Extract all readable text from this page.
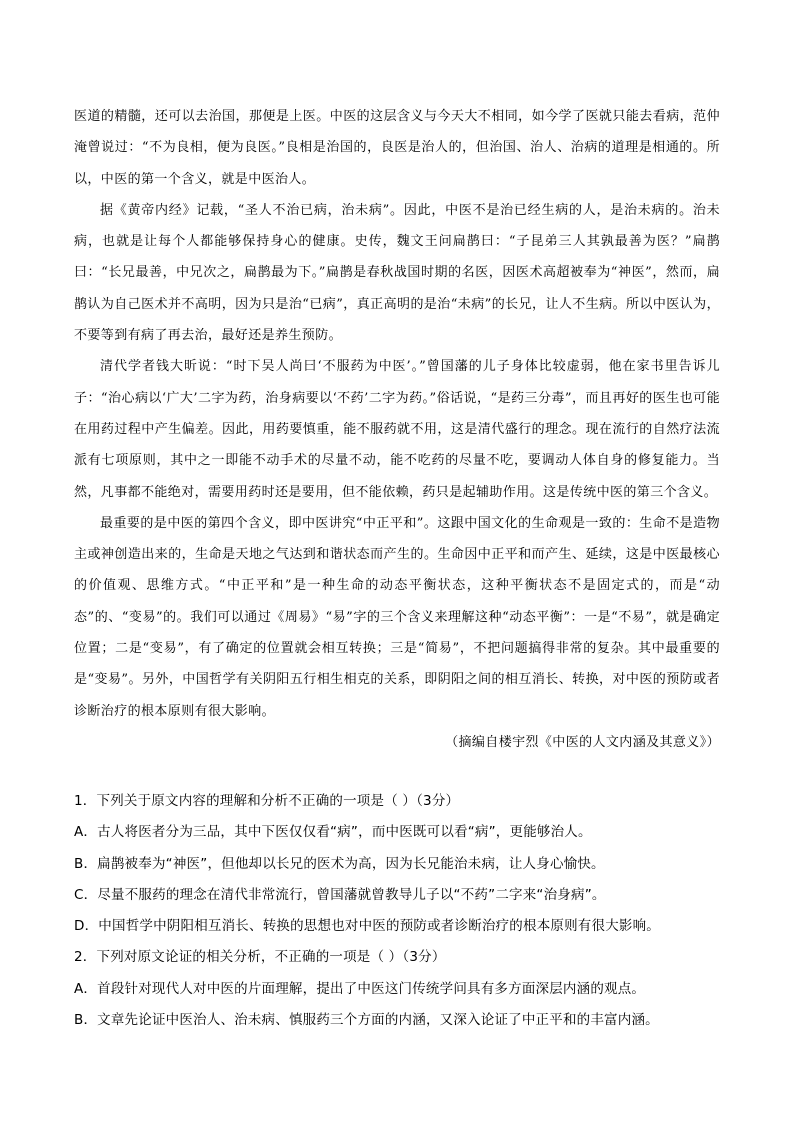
医道的精髓，还可以去治国，那便是上医。中医的这层含义与今天大不相同，如今学了医就只能去看病，范仲淹曾说过：“不为良相，便为良医。”良相是治国的，良医是治人的，但治国、治人、治病的道理是相通的。所以，中医的第一个含义，就是中医治人。

据《黄帝内经》记载，“圣人不治已病，治未病”。因此，中医不是治已经生病的人，是治未病的。治未病，也就是让每个人都能够保持身心的健康。史传，魏文王问扁鹊曰：“子昆弟三人其孰最善为医？”扁鹊曰：“长兄最善，中兄次之，扁鹊最为下。”扁鹊是春秋战国时期的名医，因医术高超被奉为“神医”，然而，扁鹊认为自己医术并不高明，因为只是治“已病”，真正高明的是治“未病”的长兄，让人不生病。所以中医认为，不要等到有病了再去治，最好还是养生预防。

清代学者钱大昕说：“时下吴人尚曰‘不服药为中医’。”曾国藩的儿子身体比较虚弱，他在家书里告诉儿子：“治心病以‘广大’二字为药，治身病要以‘不药’二字为药。”俗话说，“是药三分毒”，而且再好的医生也可能在用药过程中产生偏差。因此，用药要慎重，能不服药就不用，这是清代盛行的理念。现在流行的自然疗法流派有七项原则，其中之一即能不动手术的尽量不动，能不吃药的尽量不吃，要调动人体自身的修复能力。当然，凡事都不能绝对，需要用药时还是要用，但不能依赖，药只是起辅助作用。这是传统中医的第三个含义。

最重要的是中医的第四个含义，即中医讲究“中正平和”。这跟中国文化的生命观是一致的：生命不是造物主或神创造出来的，生命是天地之气达到和谐状态而产生的。生命因中正平和而产生、延续，这是中医最核心的价值观、思维方式。“中正平和”是一种生命的动态平衡状态，这种平衡状态不是固定式的，而是“动态”的、“变易”的。我们可以通过《周易》“易”字的三个含义来理解这种“动态平衡”：一是“不易”，就是确定位置；二是“变易”，有了确定的位置就会相互转换；三是“简易”，不把问题搞得非常的复杂。其中最重要的是“变易”。另外，中国哲学有关阴阳五行相生相克的关系，即阴阳之间的相互消长、转换，对中医的预防或者诊断治疗的根本原则有很大影响。

（摘编自楼宇烈《中医的人文内涵及其意义》）

1．下列关于原文内容的理解和分析不正确的一项是（ ）（3分）
A．古人将医者分为三品，其中下医仅仅看“病”，而中医既可以看“病”，更能够治人。
B．扁鹊被奉为“神医”，但他却以长兄的医术为高，因为长兄能治未病，让人身心愉快。
C．尽量不服药的理念在清代非常流行，曾国藩就曾教导儿子以“不药”二字来“治身病”。
D．中国哲学中阴阳相互消长、转换的思想也对中医的预防或者诊断治疗的根本原则有很大影响。
2．下列对原文论证的相关分析，不正确的一项是（ ）（3分）
A．首段针对现代人对中医的片面理解，提出了中医这门传统学问具有多方面深层内涵的观点。
B．文章先论证中医治人、治未病、慎服药三个方面的内涵，又深入论证了中正平和的丰富内涵。
